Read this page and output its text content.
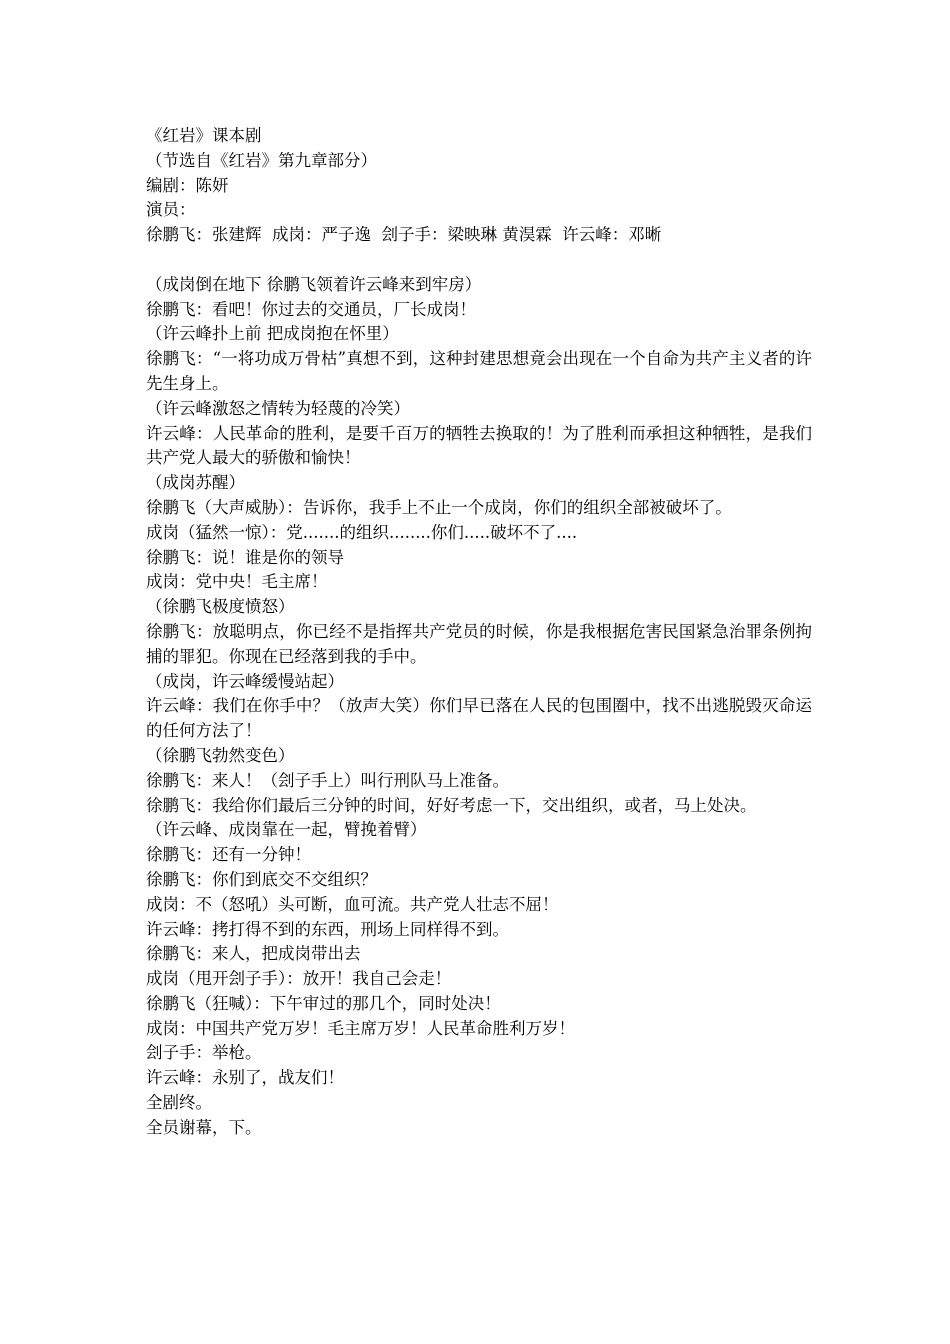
《红岩》课本剧

（节选自《红岩》第九章部分）

编剧：陈妍

演员：

徐鹏飞：张建辉  成岗：严子逸  刽子手：梁映琳 黄淏霖  许云峰：邓晰

（成岗倒在地下 徐鹏飞领着许云峰来到牢房）

徐鹏飞：看吧！你过去的交通员，厂长成岗！

（许云峰扑上前 把成岗抱在怀里）

徐鹏飞：“一将功成万骨枯”真想不到，这种封建思想竟会出现在一个自命为共产主义者的许先生身上。

（许云峰激怒之情转为轻蔑的冷笑）

许云峰：人民革命的胜利，是要千百万的牺牲去换取的！为了胜利而承担这种牺牲，是我们共产党人最大的骄傲和愉快！

（成岗苏醒）

徐鹏飞（大声威胁）：告诉你，我手上不止一个成岗，你们的组织全部被破坏了。

成岗（猛然一惊）：党.......的组织........你们.....破坏不了....

徐鹏飞：说！谁是你的领导

成岗：党中央！毛主席！

（徐鹏飞极度愤怒）

徐鹏飞：放聪明点，你已经不是指挥共产党员的时候，你是我根据危害民国紧急治罪条例拘捕的罪犯。你现在已经落到我的手中。

（成岗，许云峰缓慢站起）

许云峰：我们在你手中？（放声大笑）你们早已落在人民的包围圈中，找不出逃脱毁灭命运的任何方法了！

（徐鹏飞勃然变色）

徐鹏飞：来人！（刽子手上）叫行刑队马上准备。

徐鹏飞：我给你们最后三分钟的时间，好好考虑一下，交出组织，或者，马上处决。

（许云峰、成岗靠在一起，臂挽着臂）

徐鹏飞：还有一分钟！

徐鹏飞：你们到底交不交组织？

成岗：不（怒吼）头可断，血可流。共产党人壮志不屈！

许云峰：拷打得不到的东西，刑场上同样得不到。

徐鹏飞：来人，把成岗带出去

成岗（甩开刽子手）：放开！我自己会走！

徐鹏飞（狂喊）：下午审过的那几个，同时处决！

成岗：中国共产党万岁！毛主席万岁！人民革命胜利万岁！

刽子手：举枪。

许云峰：永别了，战友们！

全剧终。

全员谢幕，下。
